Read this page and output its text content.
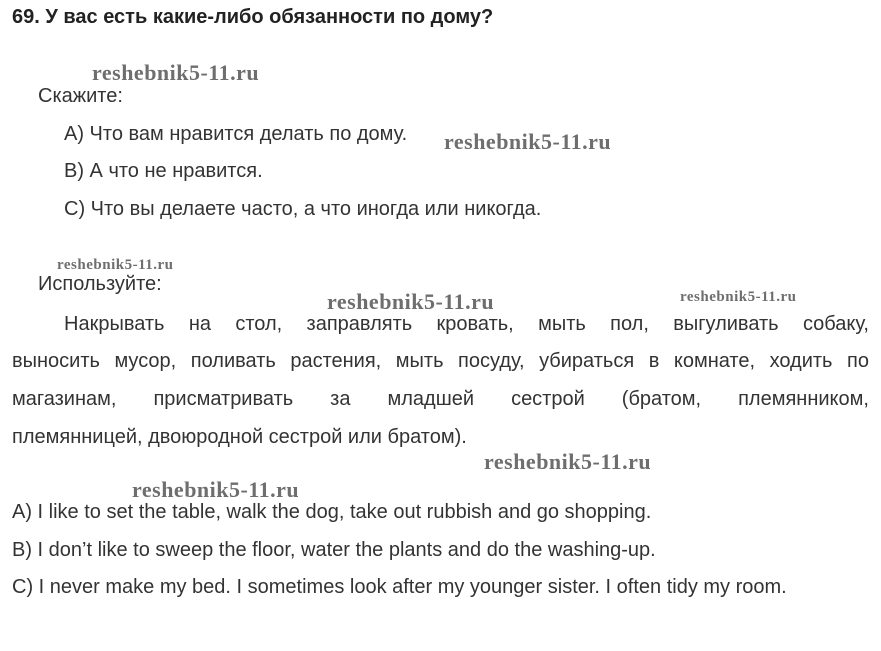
69. У вас есть какие-либо обязанности по дому?
reshebnik5-11.ru
Скажите:
A) Что вам нравится делать по дому. reshebnik5-11.ru
B) А что не нравится.
C) Что вы делаете часто, а что иногда или никогда.
reshebnik5-11.ru
Используйте:
reshebnik5-11.ru	reshebnik5-11.ru
Накрывать на стол, заправлять кровать, мыть пол, выгуливать собаку,
выносить мусор, поливать растения, мыть посуду, убираться в комнате, ходить по
магазинам, присматривать за младшей сестрой (братом, племянником,
племянницей, двоюродной сестрой или братом).
reshebnik5-11.ru
reshebnik5-11.ru
A) I like to set the table, walk the dog, take out rubbish and go shopping.
B) I don’t like to sweep the floor, water the plants and do the washing-up.
C) I never make my bed. I sometimes look after my younger sister. I often tidy my room.
